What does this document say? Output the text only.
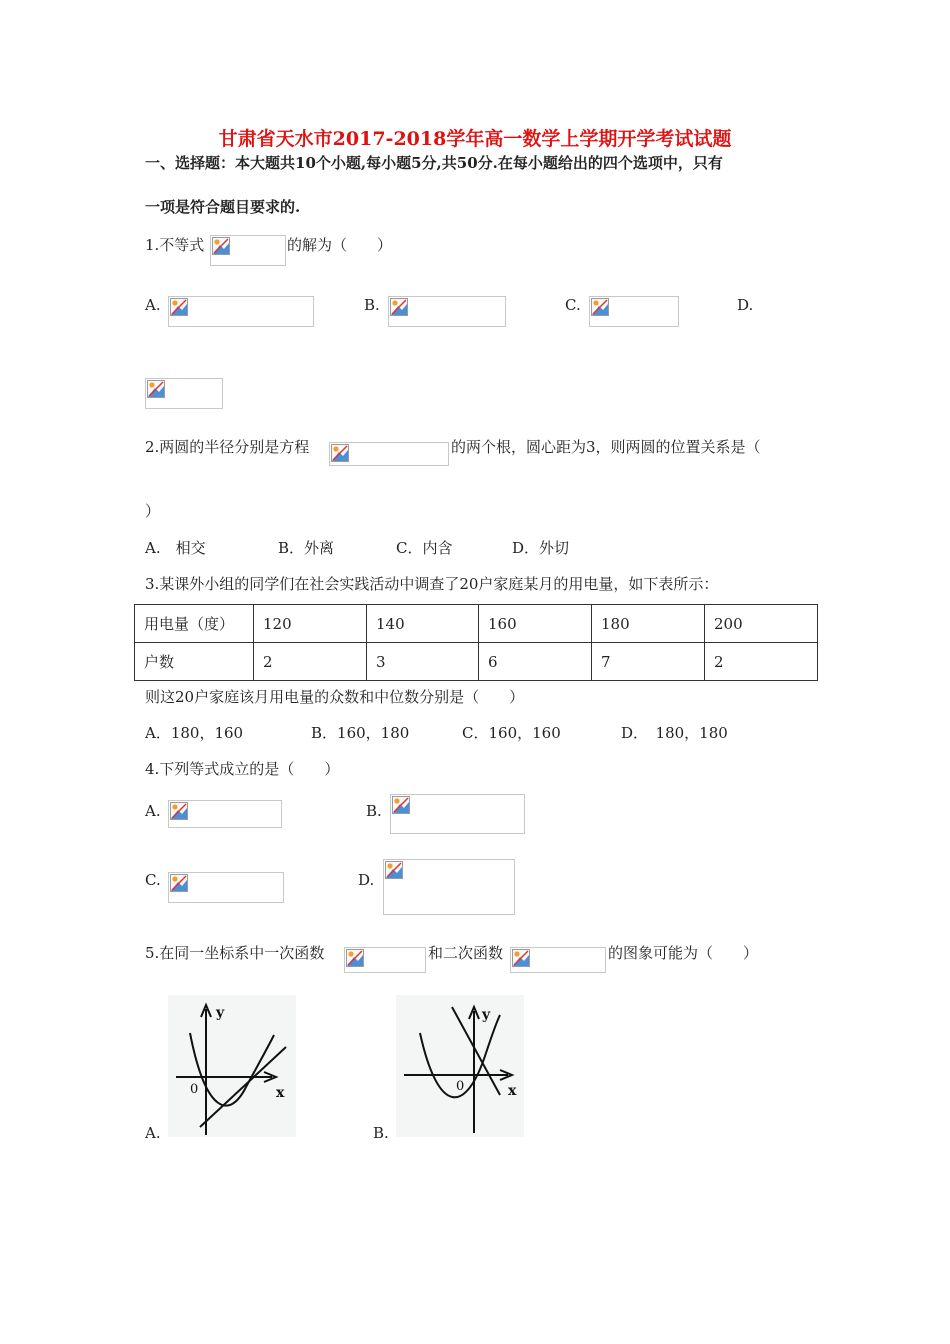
甘肃省天水市2017-2018学年高一数学上学期开学考试试题
一、选择题：本大题共10个小题,每小题5分,共50分.在每小题给出的四个选项中，只有
一项是符合题目要求的.
1.不等式	的解为（　　）
A.	B.	C.	D.
2.两圆的半径分别是方程	的两个根，圆心距为3，则两圆的位置关系是（
）
A.　相交	B．外离	C．内含	D．外切
3.某课外小组的同学们在社会实践活动中调查了20户家庭某月的用电量，如下表所示：
用电量（度）	120	140	160	180	200
户数	2	3	6	7	2
则这20户家庭该月用电量的众数和中位数分别是（　　）
A．180，160	B．160，180	C．160，160	D．　180，180
4.下列等式成立的是（　　）
A.	B.
C.	D.
5.在同一坐标系中一次函数	和二次函数	的图象可能为（　　）
y
x
0
A.
y
x
0
B.
